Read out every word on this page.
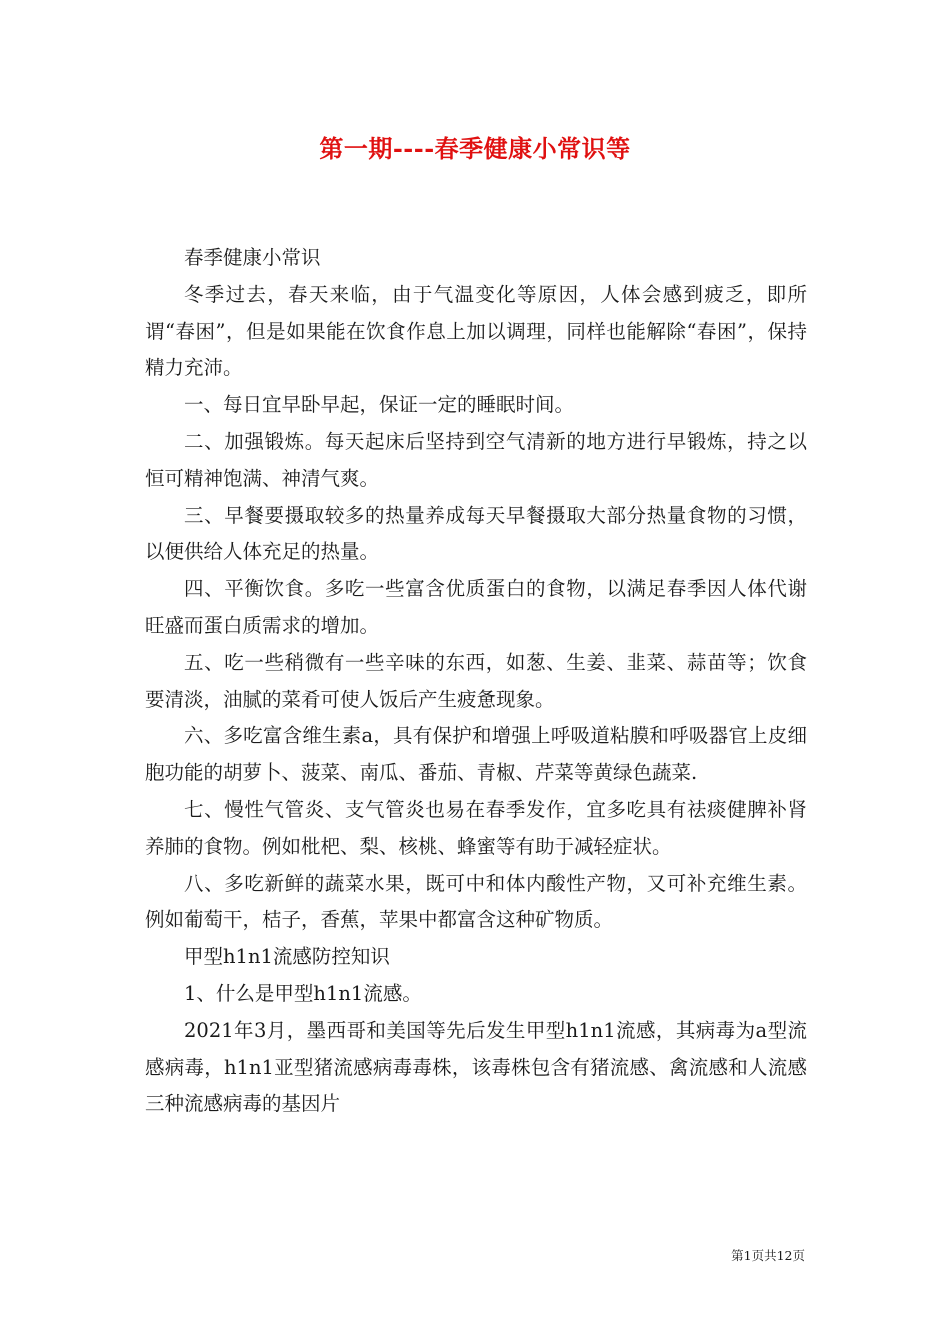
第一期----春季健康小常识等

春季健康小常识

冬季过去，春天来临，由于气温变化等原因，人体会感到疲乏，即所谓“春困”，但是如果能在饮食作息上加以调理，同样也能解除“春困”，保持精力充沛。

一、每日宜早卧早起，保证一定的睡眠时间。

二、加强锻炼。每天起床后坚持到空气清新的地方进行早锻炼，持之以恒可精神饱满、神清气爽。

三、早餐要摄取较多的热量养成每天早餐摄取大部分热量食物的习惯，以便供给人体充足的热量。

四、平衡饮食。多吃一些富含优质蛋白的食物，以满足春季因人体代谢旺盛而蛋白质需求的增加。

五、吃一些稍微有一些辛味的东西，如葱、生姜、韭菜、蒜苗等；饮食要清淡，油腻的菜肴可使人饭后产生疲惫现象。

六、多吃富含维生素a，具有保护和增强上呼吸道粘膜和呼吸器官上皮细胞功能的胡萝卜、菠菜、南瓜、番茄、青椒、芹菜等黄绿色蔬菜.

七、慢性气管炎、支气管炎也易在春季发作，宜多吃具有祛痰健脾补肾养肺的食物。例如枇杷、梨、核桃、蜂蜜等有助于减轻症状。

八、多吃新鲜的蔬菜水果，既可中和体内酸性产物，又可补充维生素。例如葡萄干，桔子，香蕉，苹果中都富含这种矿物质。

甲型h1n1流感防控知识

1、什么是甲型h1n1流感。

2021年3月，墨西哥和美国等先后发生甲型h1n1流感，其病毒为a型流感病毒，h1n1亚型猪流感病毒毒株，该毒株包含有猪流感、禽流感和人流感三种流感病毒的基因片

第1页共12页
